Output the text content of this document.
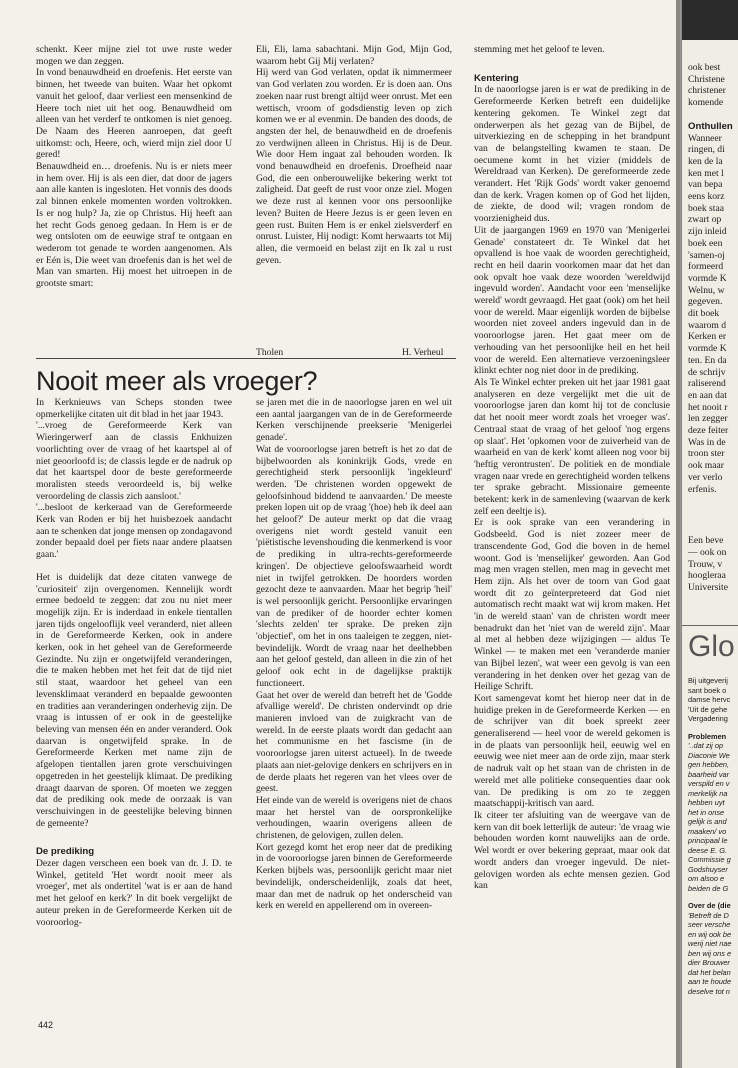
schenkt. Keer mijne ziel tot uwe ruste weder mogen we dan zeggen.

In vond benauwdheid en droefenis. Het eerste van binnen, het tweede van buiten. Waar het opkomt vanuit het geloof, daar verliest een mensenkind de Heere toch niet uit het oog. Benauwdheid om alleen van het verderf te ontkomen is niet genoeg. De Naam des Heeren aanroepen, dat geeft uitkomst: och, Heere, och, wierd mijn ziel door U gered!

Benauwdheid en… droefenis. Nu is er niets meer in hem over. Hij is als een dier, dat door de jagers aan alle kanten is ingesloten. Het vonnis des doods zal binnen enkele momenten worden voltrokken. Is er nog hulp? Ja, zie op Christus. Hij heeft aan het recht Gods genoeg gedaan. In Hem is er de weg ontsloten om de eeuwige straf te ontgaan en wederom tot genade te worden aangenomen. Als er Eén is, Die weet van droefenis dan is het wel de Man van smarten. Hij moest het uitroepen in de grootste smart:

Eli, Eli, lama sabachtani. Mijn God, Mijn God, waarom hebt Gij Mij verlaten?

Hij werd van God verlaten, opdat ik nimmermeer van God verlaten zou worden. Er is doen aan. Ons zoeken naar rust brengt altijd weer onrust. Met een wettisch, vroom of godsdienstig leven op zich komen we er al evenmin. De banden des doods, de angsten der hel, de benauwdheid en de droefenis zo verdwijnen alleen in Christus. Hij is de Deur. Wie door Hem ingaat zal behouden worden. Ik vond benauwdheid en droefenis. Droefheid naar God, die een onberouwelijke bekering werkt tot zaligheid. Dat geeft de rust voor onze ziel. Mogen we deze rust al kennen voor ons persoonlijke leven? Buiten de Heere Jezus is er geen leven en geen rust. Buiten Hem is er enkel zielsverderf en onrust. Luister, Hij nodigt: Komt herwaarts tot Mij allen, die vermoeid en belast zijt en Ik zal u rust geven.

Tholen	H. Verheul
Nooit meer als vroeger?

In Kerknieuws van Scheps stonden twee opmerkelijke citaten uit dit blad in het jaar 1943.

'...vroeg de Gereformeerde Kerk van Wieringerwerf aan de classis Enkhuizen voorlichting over de vraag of het kaartspel al of niet geoorloofd is; de classis legde er de nadruk op dat het kaartspel door de beste gereformeerde moralisten steeds veroordeeld is, bij welke veroordeling de classis zich aansloot.'

'...besloot de kerkeraad van de Gereformeerde Kerk van Roden er bij het huisbezoek aandacht aan te schenken dat jonge mensen op zondagavond zonder bepaald doel per fiets naar andere plaatsen gaan.'

Het is duidelijk dat deze citaten vanwege de 'curiositeit' zijn overgenomen. Kennelijk wordt ermee bedoeld te zeggen: dat zou nu niet meer mogelijk zijn. Er is inderdaad in enkele tientallen jaren tijds ongelooflijk veel veranderd, niet alleen in de Gereformeerde Kerken, ook in andere kerken, ook in het geheel van de Gereformeerde Gezindte. Nu zijn er ongetwijfeld veranderingen, die te maken hebben met het feit dat de tijd niet stil staat, waardoor het geheel van een levensklimaat veranderd en bepaalde gewoonten en tradities aan veranderingen onderhevig zijn. De vraag is intussen of er ook in de geestelijke beleving van mensen één en ander veranderd. Ook daarvan is ongetwijfeld sprake. In de Gereformeerde Kerken met name zijn de afgelopen tientallen jaren grote verschuivingen opgetreden in het geestelijk klimaat. De prediking draagt daarvan de sporen. Of moeten we zeggen dat de prediking ook mede de oorzaak is van verschuivingen in de geestelijke beleving binnen de gemeente?

De prediking

Dezer dagen verscheen een boek van dr. J. D. te Winkel, getiteld 'Het wordt nooit meer als vroeger', met als ondertitel 'wat is er aan de hand met het geloof en kerk?' In dit boek vergelijkt de auteur preken in de Gereformeerde Kerken uit de vooroorlog-

se jaren met die in de naoorlogse jaren en wel uit een aantal jaargangen van de in de Gereformeerde Kerken verschijnende preekserie 'Menigerlei genade'.

Wat de vooroorlogse jaren betreft is het zo dat de bijbelwoorden als koninkrijk Gods, vrede en gerechtigheid sterk persoonlijk 'ingekleurd' werden. 'De christenen worden opgewekt de geloofsinhoud biddend te aanvaarden.' De meeste preken lopen uit op de vraag '(hoe) heb ik deel aan het geloof?' De auteur merkt op dat die vraag overigens niet wordt gesteld vanuit een 'piëtistische levenshouding die kenmerkend is voor de prediking in ultra-rechts-gereformeerde kringen'. De objectieve geloofswaarheid wordt niet in twijfel getrokken. De hoorders worden gezocht deze te aanvaarden. Maar het begrip 'heil' is wel persoonlijk gericht. Persoonlijke ervaringen van de prediker of de hoorder echter komen 'slechts zelden' ter sprake. De preken zijn 'objectief', om het in ons taaleigen te zeggen, niet-bevindelijk. Wordt de vraag naar het deelhebben aan het geloof gesteld, dan alleen in die zin of het geloof ook echt in de dagelijkse praktijk functioneert.

Gaat het over de wereld dan betreft het de 'Godde afvallige wereld'. De christen ondervindt op drie manieren invloed van de zuigkracht van de wereld. In de eerste plaats wordt dan gedacht aan het communisme en het fascisme (in de vooroorlogse jaren uiterst actueel). In de tweede plaats aan niet-gelovige denkers en schrijvers en in de derde plaats het regeren van het vlees over de geest.

Het einde van de wereld is overigens niet de chaos maar het herstel van de oorspronkelijke verhoudingen, waarin overigens alleen de christenen, de gelovigen, zullen delen.

Kort gezegd komt het erop neer dat de prediking in de vooroorlogse jaren binnen de Gereformeerde Kerken bijbels was, persoonlijk gericht maar niet bevindelijk, onderscheidenlijk, zoals dat heet, maar dan met de nadruk op het onderscheid van kerk en wereld en appellerend om in overeen-

stemming met het geloof te leven.

Kentering

In de naoorlogse jaren is er wat de prediking in de Gereformeerde Kerken betreft een duidelijke kentering gekomen. Te Winkel zegt dat onderwerpen als het gezag van de Bijbel, de uitverkiezing en de schepping in het brandpunt van de belangstelling kwamen te staan. De oecumene komt in het vizier (middels de Wereldraad van Kerken). De gereformeerde zede verandert. Het 'Rijk Gods' wordt vaker genoemd dan de kerk. Vragen komen op of God het lijden, de ziekte, de dood wil; vragen rondom de voorzienigheid dus.

Uit de jaargangen 1969 en 1970 van 'Menigerlei Genade' constateert dr. Te Winkel dat het opvallend is hoe vaak de woorden gerechtigheid, recht en heil daarin voorkomen maar dat het dan ook opvalt hoe vaak deze woorden 'wereldwijd ingevuld worden'. Aandacht voor een 'menselijke wereld' wordt gevraagd. Het gaat (ook) om het heil voor de wereld. Maar eigenlijk worden de bijbelse woorden niet zoveel anders ingevuld dan in de vooroorlogse jaren. Het gaat meer om de verhouding van het persoonlijke heil en het heil voor de wereld. Een alternatieve verzoeningsleer klinkt echter nog niet door in de prediking.

Als Te Winkel echter preken uit het jaar 1981 gaat analyseren en deze vergelijkt met die uit de vooroorlogse jaren dan komt hij tot de conclusie dat het nooit meer wordt zoals het vroeger was'. Centraal staat de vraag of het geloof 'nog ergens op slaat'. Het 'opkomen voor de zuiverheid van de waarheid en van de kerk' komt alleen nog voor bij 'heftig verontrusten'. De politiek en de mondiale vragen naar vrede en gerechtigheid worden telkens ter sprake gebracht. Missionaire gemeente betekent: kerk in de samenleving (waarvan de kerk zelf een deeltje is).

Er is ook sprake van een verandering in Godsbeeld. God is niet zozeer meer de transcendente God, God die boven in de hemel woont. God is 'menselijker' geworden. Aan God mag men vragen stellen, men mag in gevecht met Hem zijn. Als het over de toorn van God gaat wordt dit zo geïnterpreteerd dat God niet automatisch recht maakt wat wij krom maken. Het 'in de wereld staan' van de christen wordt meer benadrukt dan het 'niet van de wereld zijn'. Maar al met al hebben deze wijzigingen — aldus Te Winkel — te maken met een 'veranderde manier van Bijbel lezen', wat weer een gevolg is van een verandering in het denken over het gezag van de Heilige Schrift.

Kort samengevat komt het hierop neer dat in de huidige preken in de Gereformeerde Kerken — en de schrijver van dit boek spreekt zeer generaliserend — heel voor de wereld gekomen is in de plaats van persoonlijk heil, eeuwig wel en eeuwig wee niet meer aan de orde zijn, maar sterk de nadruk valt op het staan van de christen in de wereld met alle politieke consequenties daar ook van. De prediking is om zo te zeggen maatschappij-kritisch van aard.

Ik citeer ter afsluiting van de weergave van de kern van dit boek letterlijk de auteur: 'de vraag wie behouden worden komt nauwelijks aan de orde. Wel wordt er over bekering gepraat, maar ook dat wordt anders dan vroeger ingevuld. De niet-gelovigen worden als echte mensen gezien. God kan

442
ook best
Christene
christener
komende
Onthullen
Wanneer
ringen, di
ken de la
ken met l
van bepa
eens korz
boek staa
zwart op
zijn inleid
boek een
'samen-oj
formeerd
vormde K
Welnu, w
gegeven.
dit boek
waarom d
Kerken er
vormde K
ten. En da
de schrijv
raliserend
en aan dat
het nooit r
len zegger
deze feiter
Was in de
troon ster
ook maar
ver verlo
erfenis.
Een beve
— ook on
Trouw, v
hoogleraa
Universite
Glo
Bij uitgeverij
sant boek o
damse hervc
'Uit de gehe
Vergadering
Problemen
'..dat zij op
Diaconie We
gen hebben,
baarheid var
verspild en v
merkelijk na
hebben uyt
het in onse
gelijk is and
maaken/ vo
principaal le
deese E. G.
Commissie g
Godshuyser
om alsoo e
beiden de G
Over de (die
'Betreft de D
seer versche
en wij ook be
werij niet nae
ben wij ons e
dier Brouwer
dat het belan
aan te houde
deselve tot n
